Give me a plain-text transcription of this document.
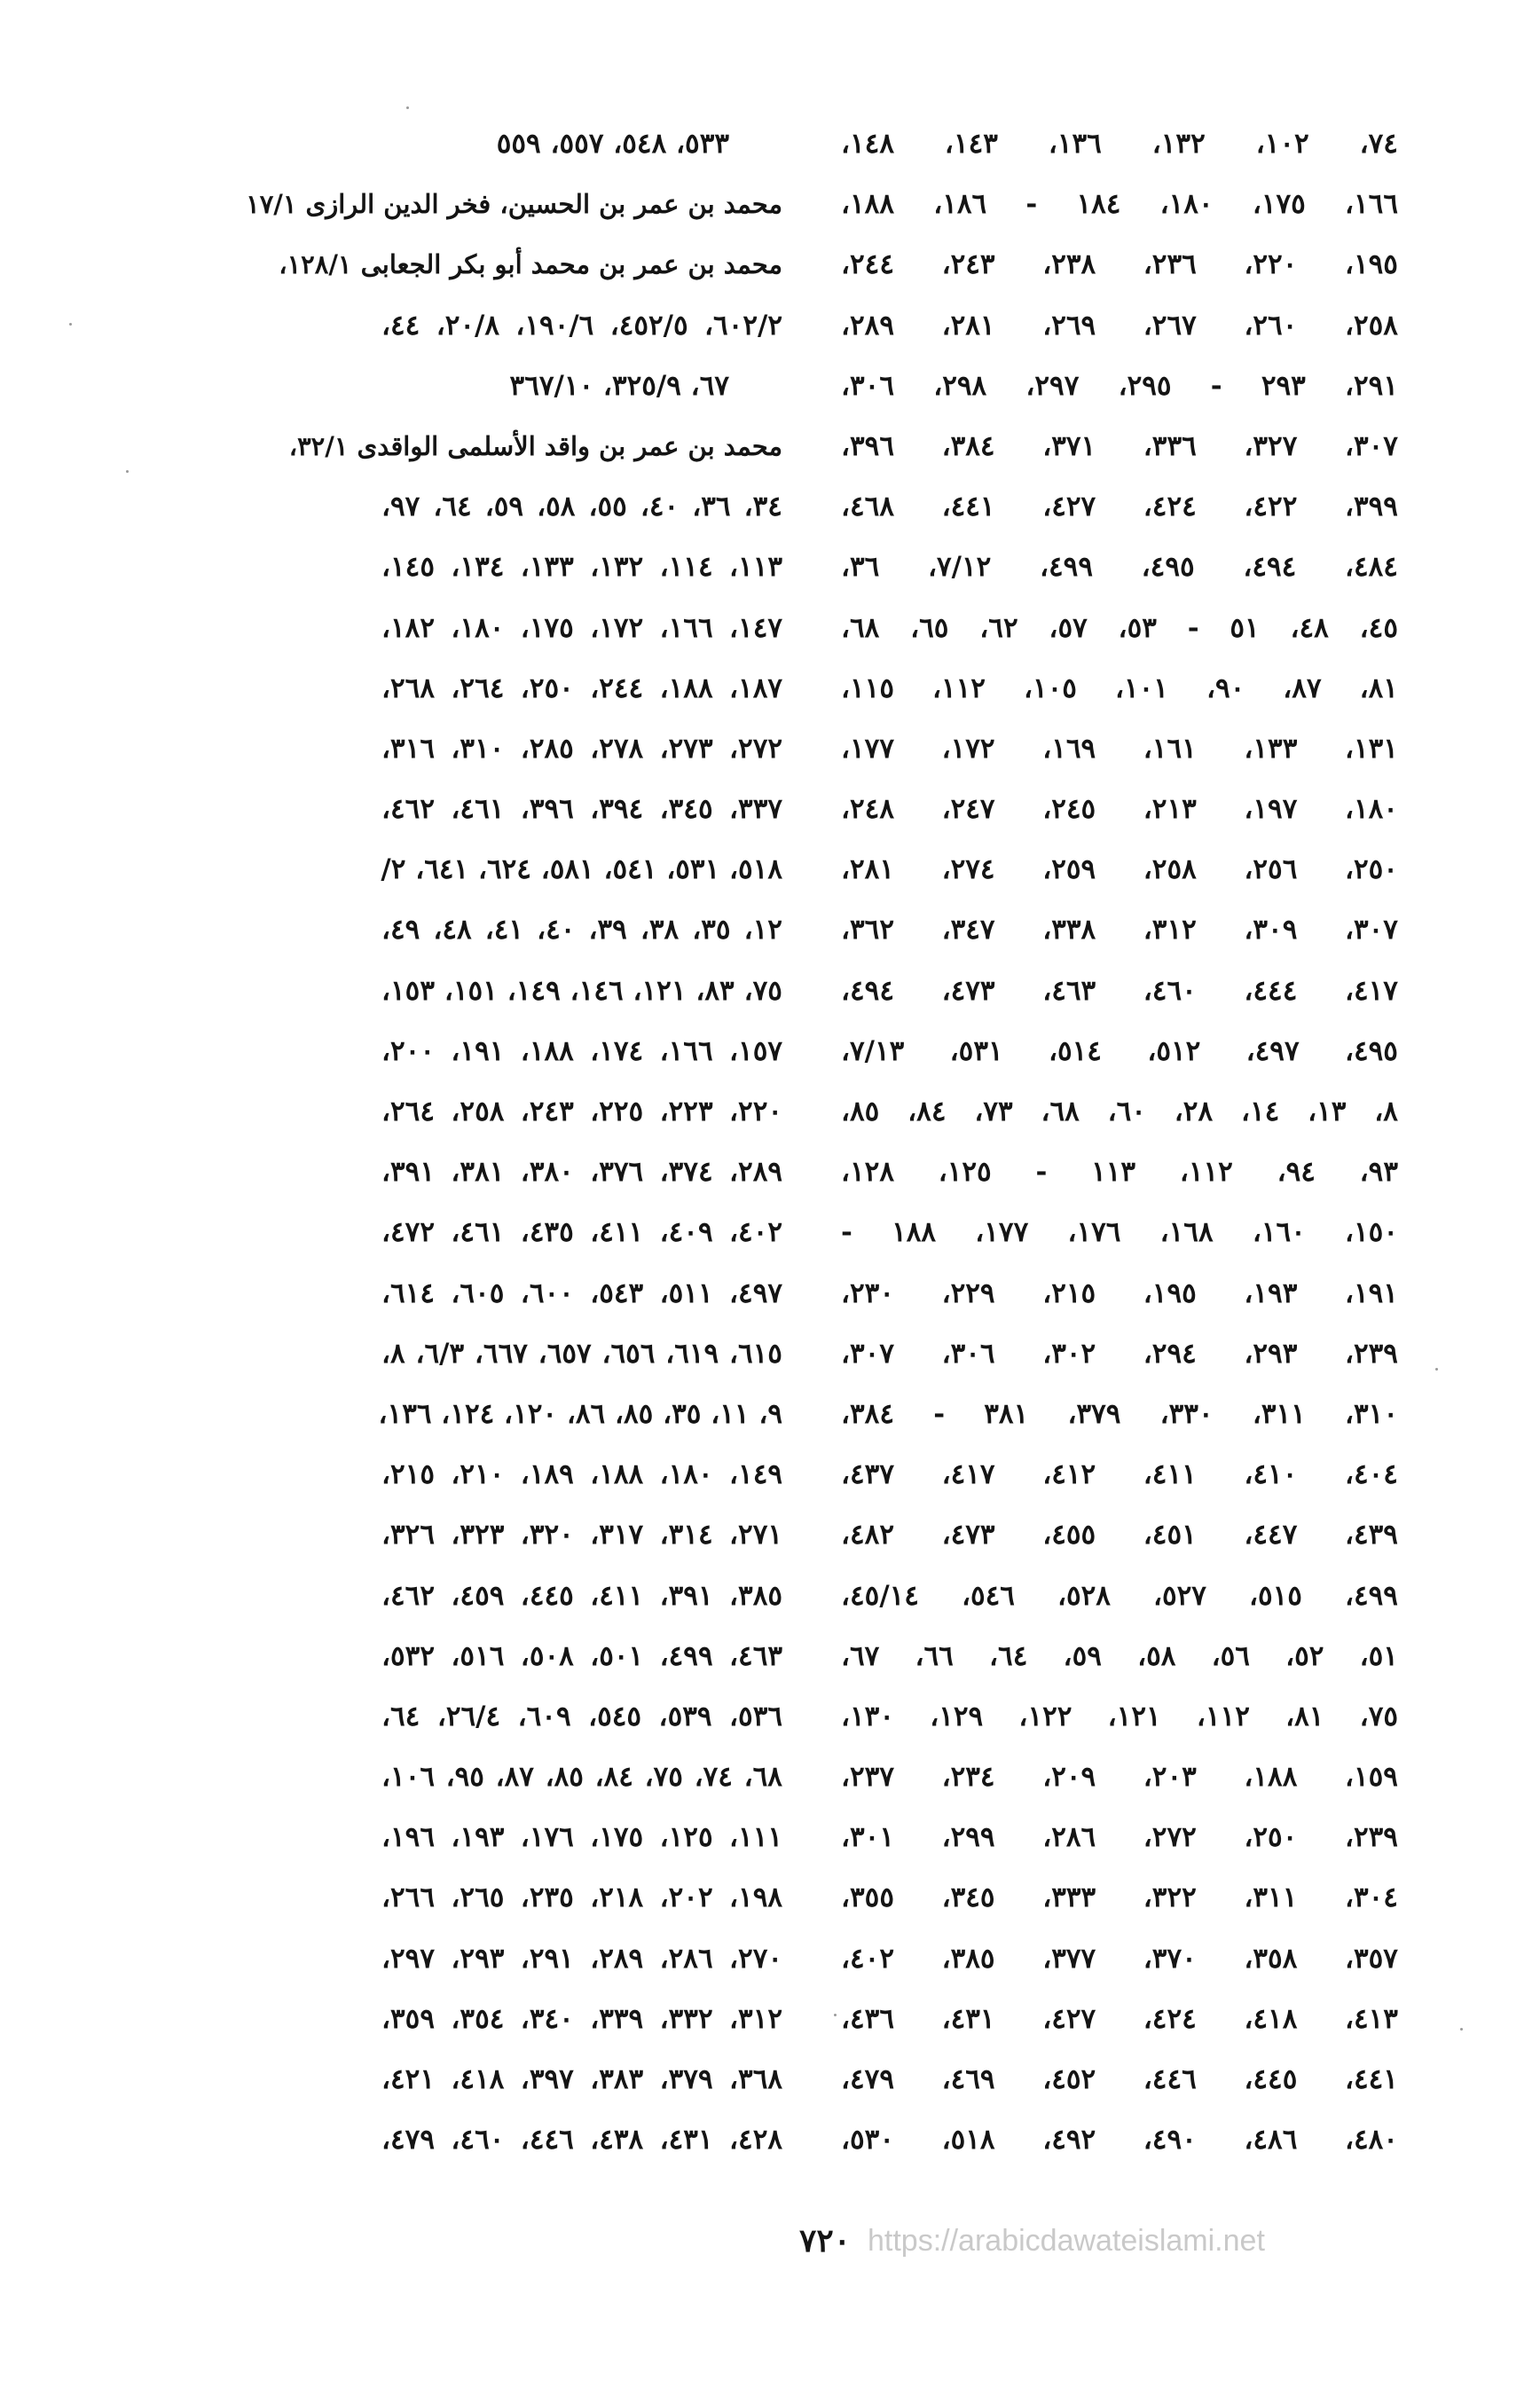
٧٤، ١٠٢، ١٣٢، ١٣٦، ١٤٣، ١٤٨،
١٦٦، ١٧٥، ١٨٠، ١٨٤ - ١٨٦، ١٨٨،
١٩٥، ٢٢٠، ٢٣٦، ٢٣٨، ٢٤٣، ٢٤٤،
٢٥٨، ٢٦٠، ٢٦٧، ٢٦٩، ٢٨١، ٢٨٩،
٢٩١، ٢٩٣ - ٢٩٥، ٢٩٧، ٢٩٨، ٣٠٦،
٣٠٧، ٣٢٧، ٣٣٦، ٣٧١، ٣٨٤، ٣٩٦،
٣٩٩، ٤٢٢، ٤٢٤، ٤٢٧، ٤٤١، ٤٦٨،
٤٨٤، ٤٩٤، ٤٩٥، ٤٩٩، ٧/١٢، ٣٦،
٤٥، ٤٨، ٥١ - ٥٣، ٥٧، ٦٢، ٦٥، ٦٨،
٨١، ٨٧، ٩٠، ١٠١، ١٠٥، ١١٢، ١١٥،
١٣١، ١٣٣، ١٦١، ١٦٩، ١٧٢، ١٧٧،
١٨٠، ١٩٧، ٢١٣، ٢٤٥، ٢٤٧، ٢٤٨،
٢٥٠، ٢٥٦، ٢٥٨، ٢٥٩، ٢٧٤، ٢٨١،
٣٠٧، ٣٠٩، ٣١٢، ٣٣٨، ٣٤٧، ٣٦٢،
٤١٧، ٤٤٤، ٤٦٠، ٤٦٣، ٤٧٣، ٤٩٤،
٤٩٥، ٤٩٧، ٥١٢، ٥١٤، ٥٣١، ٧/١٣،
٨، ١٣، ١٤، ٢٨، ٦٠، ٦٨، ٧٣، ٨٤، ٨٥،
٩٣، ٩٤، ١١٢، ١١٣ - ١٢٥، ١٢٨،
١٥٠، ١٦٠، ١٦٨، ١٧٦، ١٧٧، ١٨٨ -
١٩١، ١٩٣، ١٩٥، ٢١٥، ٢٢٩، ٢٣٠،
٢٣٩، ٢٩٣، ٢٩٤، ٣٠٢، ٣٠٦، ٣٠٧،
٣١٠، ٣١١، ٣٣٠، ٣٧٩، ٣٨١ - ٣٨٤،
٤٠٤، ٤١٠، ٤١١، ٤١٢، ٤١٧، ٤٣٧،
٤٣٩، ٤٤٧، ٤٥١، ٤٥٥، ٤٧٣، ٤٨٢،
٤٩٩، ٥١٥، ٥٢٧، ٥٢٨، ٥٤٦، ٤٥/١٤،
٥١، ٥٢، ٥٦، ٥٨، ٥٩، ٦٤، ٦٦، ٦٧،
٧٥، ٨١، ١١٢، ١٢١، ١٢٢، ١٢٩، ١٣٠،
١٥٩، ١٨٨، ٢٠٣، ٢٠٩، ٢٣٤، ٢٣٧،
٢٣٩، ٢٥٠، ٢٧٢، ٢٨٦، ٢٩٩، ٣٠١،
٣٠٤، ٣١١، ٣٢٢، ٣٣٣، ٣٤٥، ٣٥٥،
٣٥٧، ٣٥٨، ٣٧٠، ٣٧٧، ٣٨٥، ٤٠٢،
٤١٣، ٤١٨، ٤٢٤، ٤٢٧، ٤٣١، ٤٣٦،
٤٤١، ٤٤٥، ٤٤٦، ٤٥٢، ٤٦٩، ٤٧٩،
٤٨٠، ٤٨٦، ٤٩٠، ٤٩٢، ٥١٨، ٥٣٠،
٥٣٣، ٥٤٨، ٥٥٧، ٥٥٩
محمد بن عمر بن الحسين، فخر الدين الرازى ١٧/١
محمد بن عمر بن محمد أبو بكر الجعابى ١٢٨/١،
٦٠٢/٢، ٤٥٢/٥، ١٩٠/٦، ٢٠/٨، ٤٤،
٦٧، ٣٢٥/٩، ٣٦٧/١٠
محمد بن عمر بن واقد الأسلمى الواقدى ٣٢/١،
٣٤، ٣٦، ٤٠، ٥٥، ٥٨، ٥٩، ٦٤، ٩٧،
١١٣، ١١٤، ١٣٢، ١٣٣، ١٣٤، ١٤٥،
١٤٧، ١٦٦، ١٧٢، ١٧٥، ١٨٠، ١٨٢،
١٨٧، ١٨٨، ٢٤٤، ٢٥٠، ٢٦٤، ٢٦٨،
٢٧٢، ٢٧٣، ٢٧٨، ٢٨٥، ٣١٠، ٣١٦،
٣٣٧، ٣٤٥، ٣٩٤، ٣٩٦، ٤٦١، ٤٦٢،
٥١٨، ٥٣١، ٥٤١، ٥٨١، ٦٢٤، ٦٤١، ٢/
١٢، ٣٥، ٣٨، ٣٩، ٤٠، ٤١، ٤٨، ٤٩،
٧٥، ٨٣، ١٢١، ١٤٦، ١٤٩، ١٥١، ١٥٣،
١٥٧، ١٦٦، ١٧٤، ١٨٨، ١٩١، ٢٠٠،
٢٢٠، ٢٢٣، ٢٢٥، ٢٤٣، ٢٥٨، ٢٦٤،
٢٨٩، ٣٧٤، ٣٧٦، ٣٨٠، ٣٨١، ٣٩١،
٤٠٢، ٤٠٩، ٤١١، ٤٣٥، ٤٦١، ٤٧٢،
٤٩٧، ٥١١، ٥٤٣، ٦٠٠، ٦٠٥، ٦١٤،
٦١٥، ٦١٩، ٦٥٦، ٦٥٧، ٦٦٧، ٦/٣، ٨،
٩، ١١، ٣٥، ٨٥، ٨٦، ١٢٠، ١٢٤، ١٣٦،
١٤٩، ١٨٠، ١٨٨، ١٨٩، ٢١٠، ٢١٥،
٢٧١، ٣١٤، ٣١٧، ٣٢٠، ٣٢٣، ٣٢٦،
٣٨٥، ٣٩١، ٤١١، ٤٤٥، ٤٥٩، ٤٦٢،
٤٦٣، ٤٩٩، ٥٠١، ٥٠٨، ٥١٦، ٥٣٢،
٥٣٦، ٥٣٩، ٥٤٥، ٦٠٩، ٢٦/٤، ٦٤،
٦٨، ٧٤، ٧٥، ٨٤، ٨٥، ٨٧، ٩٥، ١٠٦،
١١١، ١٢٥، ١٧٥، ١٧٦، ١٩٣، ١٩٦،
١٩٨، ٢٠٢، ٢١٨، ٢٣٥، ٢٦٥، ٢٦٦،
٢٧٠، ٢٨٦، ٢٨٩، ٢٩١، ٢٩٣، ٢٩٧،
٣١٢، ٣٣٢، ٣٣٩، ٣٤٠، ٣٥٤، ٣٥٩،
٣٦٨، ٣٧٩، ٣٨٣، ٣٩٧، ٤١٨، ٤٢١،
٤٢٨، ٤٣١، ٤٣٨، ٤٤٦، ٤٦٠، ٤٧٩،
٧٢٠ https://arabicdawateislami.net
